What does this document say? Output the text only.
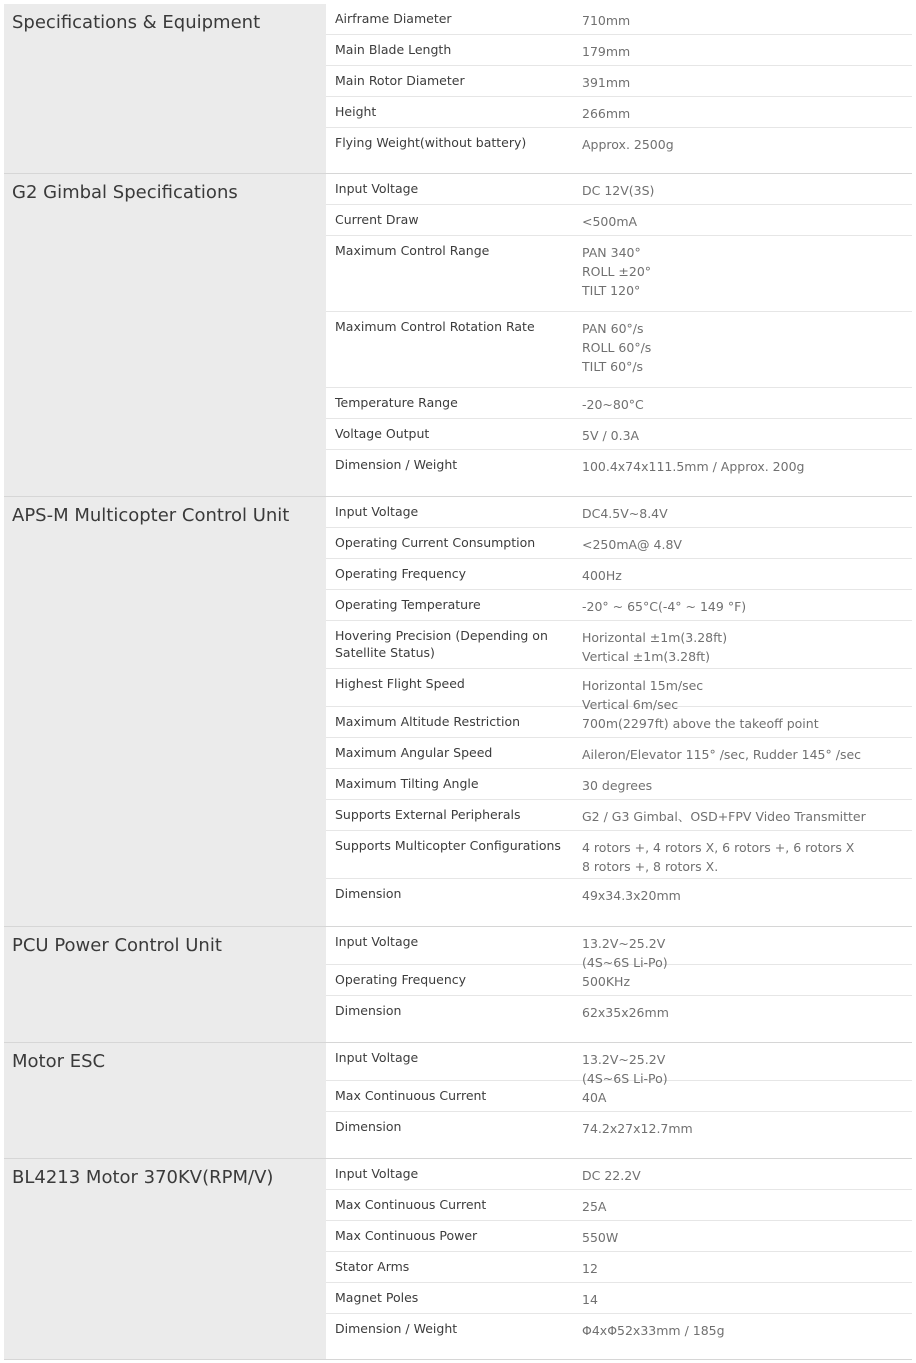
Specifications & Equipment	Airframe Diameter	710mm
Main Blade Length	179mm
Main Rotor Diameter	391mm
Height	266mm
Flying Weight(without battery)	Approx. 2500g
G2 Gimbal Specifications	Input Voltage	DC 12V(3S)
Current Draw	<500mA
Maximum Control Range	PAN 340°
ROLL ±20°
TILT 120°
Maximum Control Rotation Rate	PAN 60°/s
ROLL 60°/s
TILT 60°/s
Temperature Range	-20~80°C
Voltage Output	5V / 0.3A
Dimension / Weight	100.4x74x111.5mm / Approx. 200g
APS-M Multicopter Control Unit	Input Voltage	DC4.5V~8.4V
Operating Current Consumption	<250mA@ 4.8V
Operating Frequency	400Hz
Operating Temperature	-20° ~ 65°C(-4° ~ 149 °F)
Hovering Precision (Depending on Satellite Status)
Horizontal ±1m(3.28ft)
Vertical ±1m(3.28ft)
Highest Flight Speed	Horizontal 15m/sec
Vertical 6m/sec
Maximum Altitude Restriction	700m(2297ft) above the takeoff point
Maximum Angular Speed	Aileron/Elevator 115° /sec, Rudder 145° /sec
Maximum Tilting Angle	30 degrees
Supports External Peripherals	G2 / G3 Gimbal、OSD+FPV Video Transmitter
Supports Multicopter Configurations	4 rotors +, 4 rotors X, 6 rotors +, 6 rotors X
8 rotors +, 8 rotors X.
Dimension	49x34.3x20mm
PCU Power Control Unit	Input Voltage	13.2V~25.2V
(4S~6S Li-Po)
Operating Frequency	500KHz
Dimension	62x35x26mm
Motor ESC	Input Voltage	13.2V~25.2V
(4S~6S Li-Po)
Max Continuous Current	40A
Dimension	74.2x27x12.7mm
BL4213 Motor 370KV(RPM/V)	Input Voltage	DC 22.2V
Max Continuous Current	25A
Max Continuous Power	550W
Stator Arms	12
Magnet Poles	14
Dimension / Weight	Φ4xΦ52x33mm / 185g
